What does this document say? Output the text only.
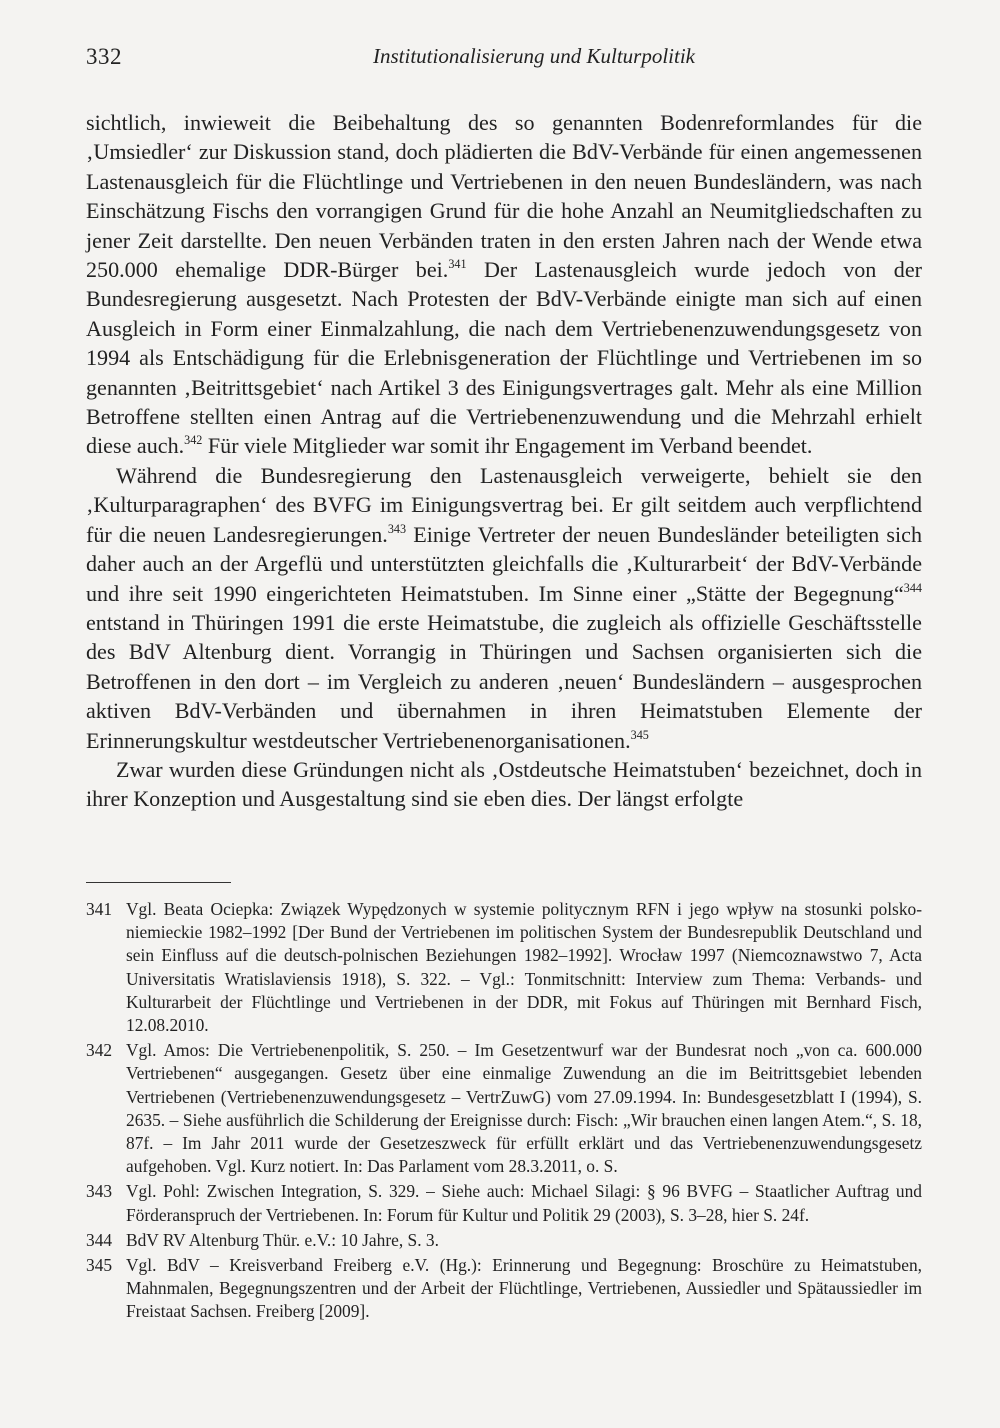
332	Institutionalisierung und Kulturpolitik

sichtlich, inwieweit die Beibehaltung des so genannten Bodenreformlandes für die ‚Umsiedler‘ zur Diskussion stand, doch plädierten die BdV-Verbände für einen angemessenen Lastenausgleich für die Flüchtlinge und Vertriebenen in den neuen Bundesländern, was nach Einschätzung Fischs den vorrangigen Grund für die hohe Anzahl an Neumitgliedschaften zu jener Zeit darstellte. Den neuen Verbänden traten in den ersten Jahren nach der Wende etwa 250.000 ehemalige DDR-Bürger bei.$^{341}$ Der Lastenausgleich wurde jedoch von der Bundesregierung ausgesetzt. Nach Protesten der BdV-Verbände einigte man sich auf einen Ausgleich in Form einer Einmalzahlung, die nach dem Vertriebenenzuwendungsgesetz von 1994 als Entschädigung für die Erlebnisgeneration der Flüchtlinge und Vertriebenen im so genannten ‚Beitrittsgebiet‘ nach Artikel 3 des Einigungsvertrages galt. Mehr als eine Million Betroffene stellten einen Antrag auf die Vertriebenenzuwendung und die Mehrzahl erhielt diese auch.$^{342}$ Für viele Mitglieder war somit ihr Engagement im Verband beendet.

Während die Bundesregierung den Lastenausgleich verweigerte, behielt sie den ‚Kulturparagraphen‘ des BVFG im Einigungsvertrag bei. Er gilt seitdem auch verpflichtend für die neuen Landesregierungen.$^{343}$ Einige Vertreter der neuen Bundesländer beteiligten sich daher auch an der Argeflü und unterstützten gleichfalls die ‚Kulturarbeit‘ der BdV-Verbände und ihre seit 1990 eingerichteten Heimatstuben. Im Sinne einer „Stätte der Begegnung“$^{344}$ entstand in Thüringen 1991 die erste Heimatstube, die zugleich als offizielle Geschäftsstelle des BdV Altenburg dient. Vorrangig in Thüringen und Sachsen organisierten sich die Betroffenen in den dort – im Vergleich zu anderen ‚neuen‘ Bundesländern – ausgesprochen aktiven BdV-Verbänden und übernahmen in ihren Heimatstuben Elemente der Erinnerungskultur westdeutscher Vertriebenenorganisationen.$^{345}$

Zwar wurden diese Gründungen nicht als ‚Ostdeutsche Heimatstuben‘ bezeichnet, doch in ihrer Konzeption und Ausgestaltung sind sie eben dies. Der längst erfolgte

341 Vgl. Beata Ociepka: Związek Wypędzonych w systemie politycznym RFN i jego wpływ na stosunki polsko-niemieckie 1982–1992 [Der Bund der Vertriebenen im politischen System der Bundesrepublik Deutschland und sein Einfluss auf die deutsch-polnischen Beziehungen 1982–1992]. Wrocław 1997 (Niemcoznawstwo 7, Acta Universitatis Wratislaviensis 1918), S. 322. – Vgl.: Tonmitschnitt: Interview zum Thema: Verbands- und Kulturarbeit der Flüchtlinge und Vertriebenen in der DDR, mit Fokus auf Thüringen mit Bernhard Fisch, 12.08.2010.
342 Vgl. Amos: Die Vertriebenenpolitik, S. 250. – Im Gesetzentwurf war der Bundesrat noch „von ca. 600.000 Vertriebenen“ ausgegangen. Gesetz über eine einmalige Zuwendung an die im Beitrittsgebiet lebenden Vertriebenen (Vertriebenenzuwendungsgesetz – VertrZuwG) vom 27.09.1994. In: Bundesgesetzblatt I (1994), S. 2635. – Siehe ausführlich die Schilderung der Ereignisse durch: Fisch: „Wir brauchen einen langen Atem.“, S. 18, 87f. – Im Jahr 2011 wurde der Gesetzeszweck für erfüllt erklärt und das Vertriebenenzuwendungsgesetz aufgehoben. Vgl. Kurz notiert. In: Das Parlament vom 28.3.2011, o. S.
343 Vgl. Pohl: Zwischen Integration, S. 329. – Siehe auch: Michael Silagi: § 96 BVFG – Staatlicher Auftrag und Förderanspruch der Vertriebenen. In: Forum für Kultur und Politik 29 (2003), S. 3–28, hier S. 24f.
344 BdV RV Altenburg Thür. e.V.: 10 Jahre, S. 3.
345 Vgl. BdV – Kreisverband Freiberg e.V. (Hg.): Erinnerung und Begegnung: Broschüre zu Heimatstuben, Mahnmalen, Begegnungszentren und der Arbeit der Flüchtlinge, Vertriebenen, Aussiedler und Spätaussiedler im Freistaat Sachsen. Freiberg [2009].
